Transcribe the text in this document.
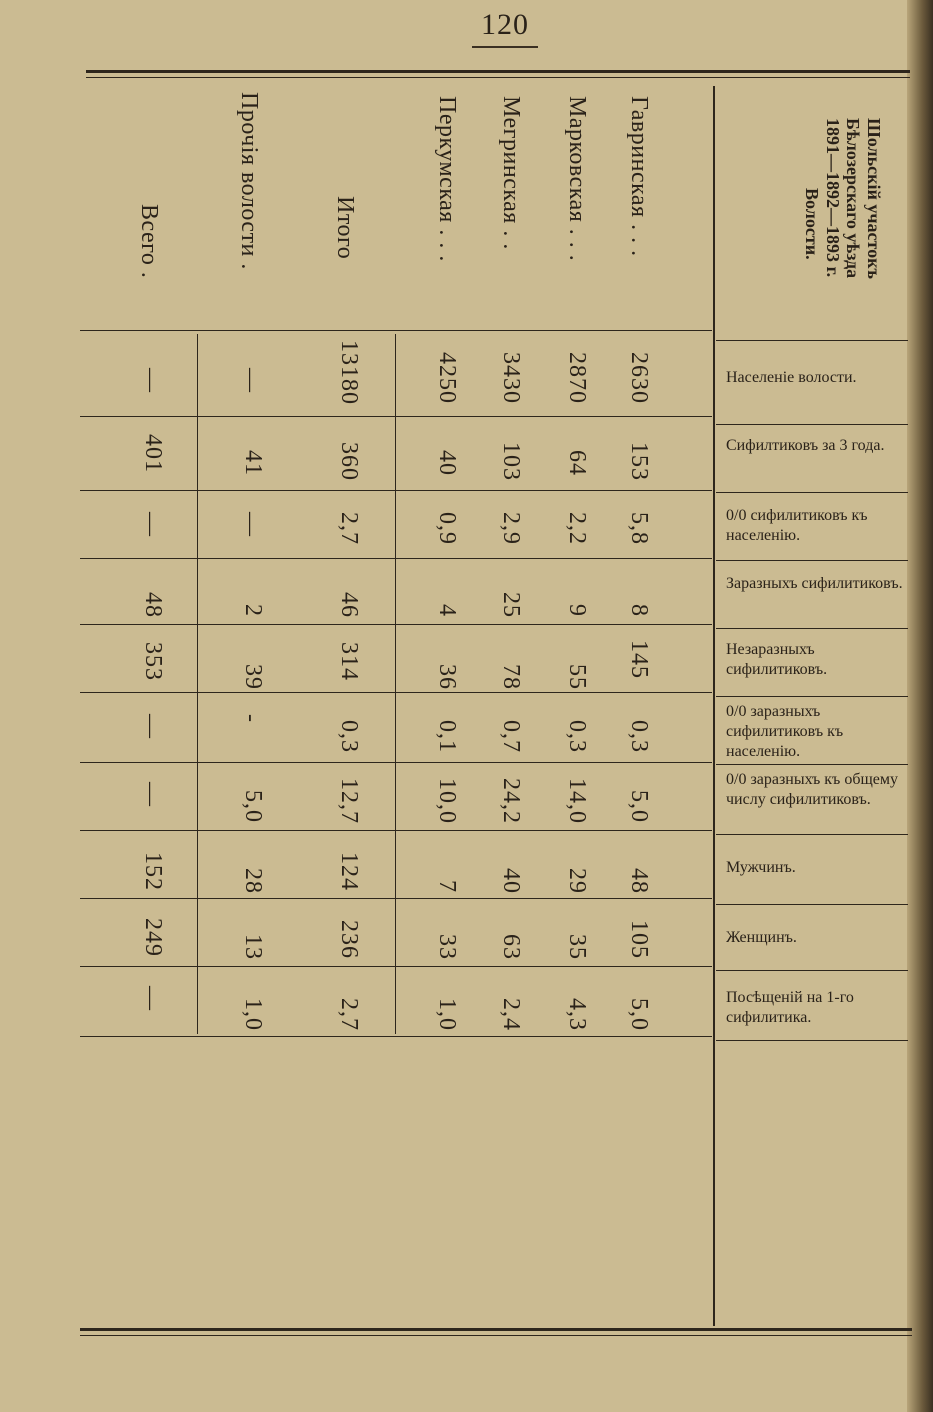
120
Шольскій участокъ
Бѣлозерскаго уѣзда
1891—1892—1893 г.
Волости.
Населеніе волости.
Сифилтиковъ за 3 года.
0/0 сифилитиковъ къ населенію.
Заразныхъ сифилитиковъ.
Незаразныхъ сифилитиковъ.
0/0 заразныхъ сифилитиковъ къ населенію.
0/0 заразныхъ къ общему числу сифилитиковъ.
Мужчинъ.
Женщинъ.
Посѣщеній на 1-го сифилитика.
Гавринская . . .
Марковская . . .
Мегринская . .
Перкумская . . .
Итого
Прочія волости .
Всего .
2630
153
5,8
8
145
0,3
5,0
48
105
5,0
2870
64
2,2
9
55
0,3
14,0
29
35
4,3
3430
103
2,9
25
78
0,7
24,2
40
63
2,4
4250
40
0,9
4
36
0,1
10,0
7
33
1,0
13180
360
2,7
46
314
0,3
12,7
124
236
2,7
—
41
—
2
39
-
5,0
28
13
1,0
—
401
—
48
353
—
—
152
249
—
